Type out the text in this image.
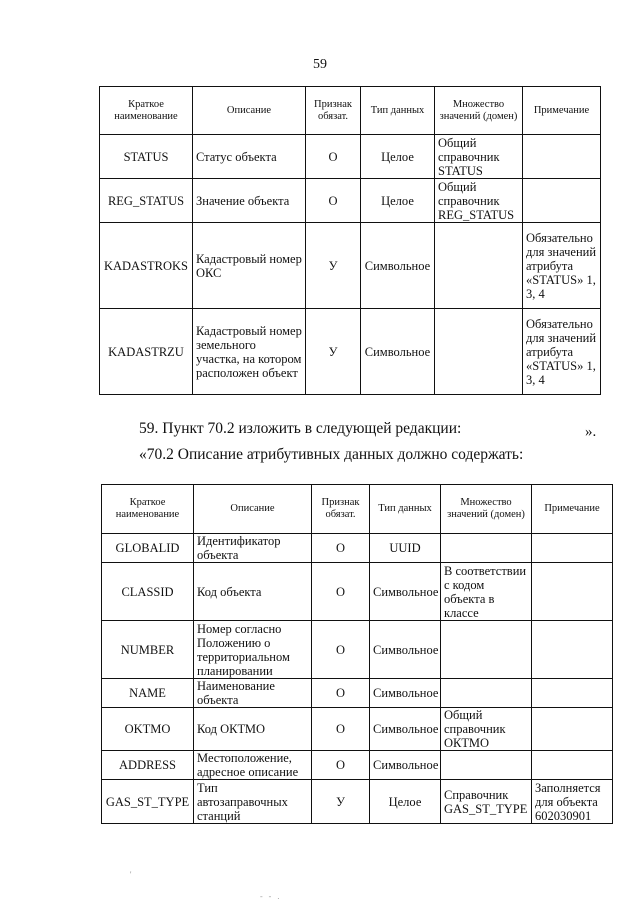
59
Краткое наименование	Описание	Признак обязат.	Тип данных	Множество значений (домен)	Примечание
STATUS	Статус объекта	О	Целое	Общий справочник STATUS	
REG_STATUS	Значение объекта	О	Целое	Общий справочник REG_STATUS	
KADASTROKS	Кадастровый номер ОКС	У	Символьное		Обязательно для значений атрибута «STATUS» 1, 3, 4
KADASTRZU	Кадастровый номер земельного участка, на котором расположен объект	У	Символьное		Обязательно для значений атрибута «STATUS» 1, 3, 4
».
59. Пункт 70.2 изложить в следующей редакции:
«70.2 Описание атрибутивных данных должно содержать:
Краткое наименование	Описание	Признак обязат.	Тип данных	Множество значений (домен)	Примечание
GLOBALID	Идентификатор объекта	О	UUID		
CLASSID	Код объекта	О	Символьное	В соответствии с кодом объекта в классе	
NUMBER	Номер согласно Положению о территориальном планировании	О	Символьное		
NAME	Наименование объекта	О	Символьное		
OKTMO	Код ОКТМО	О	Символьное	Общий справочник ОКТМО	
ADDRESS	Местоположение, адресное описание	О	Символьное		
GAS_ST_TYPE	Тип автозаправочных станций	У	Целое	Справочник GAS_ST_TYPE	Заполняется для объекта 602030901
'
- - .
